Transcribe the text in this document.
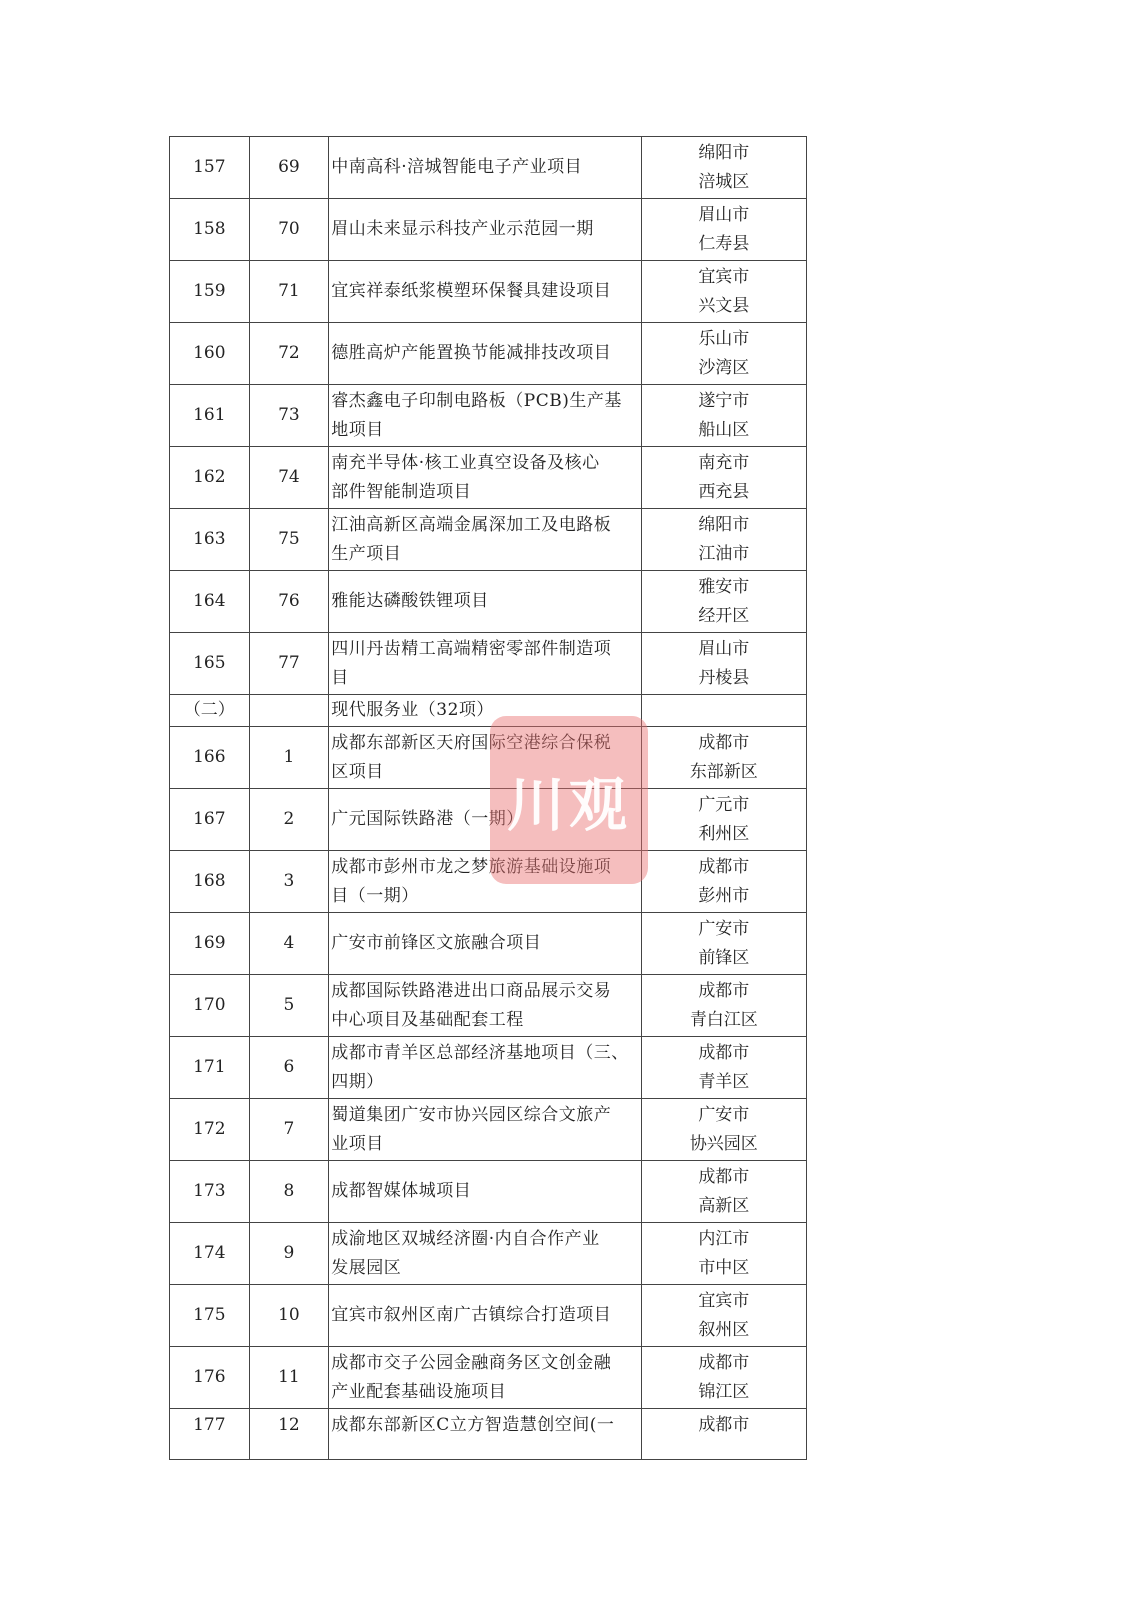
157	69	中南高科·涪城智能电子产业项目	绵阳市
涪城区
158	70	眉山未来显示科技产业示范园一期	眉山市
仁寿县
159	71	宜宾祥泰纸浆模塑环保餐具建设项目	宜宾市
兴文县
160	72	德胜高炉产能置换节能减排技改项目	乐山市
沙湾区
161	73	睿杰鑫电子印制电路板（PCB)生产基
地项目	遂宁市
船山区
162	74	南充半导体·核工业真空设备及核心
部件智能制造项目	南充市
西充县
163	75	江油高新区高端金属深加工及电路板
生产项目	绵阳市
江油市
164	76	雅能达磷酸铁锂项目	雅安市
经开区
165	77	四川丹齿精工高端精密零部件制造项
目	眉山市
丹棱县
（二）		现代服务业（32项）	
166	1	成都东部新区天府国际空港综合保税
区项目	成都市
东部新区
167	2	广元国际铁路港（一期）	广元市
利州区
168	3	成都市彭州市龙之梦旅游基础设施项
目（一期）	成都市
彭州市
169	4	广安市前锋区文旅融合项目	广安市
前锋区
170	5	成都国际铁路港进出口商品展示交易
中心项目及基础配套工程	成都市
青白江区
171	6	成都市青羊区总部经济基地项目（三、
四期）	成都市
青羊区
172	7	蜀道集团广安市协兴园区综合文旅产
业项目	广安市
协兴园区
173	8	成都智媒体城项目	成都市
高新区
174	9	成渝地区双城经济圈·内自合作产业
发展园区	内江市
市中区
175	10	宜宾市叙州区南广古镇综合打造项目	宜宾市
叙州区
176	11	成都市交子公园金融商务区文创金融
产业配套基础设施项目	成都市
锦江区
177	12	成都东部新区C立方智造慧创空间(一	成都市
川观
